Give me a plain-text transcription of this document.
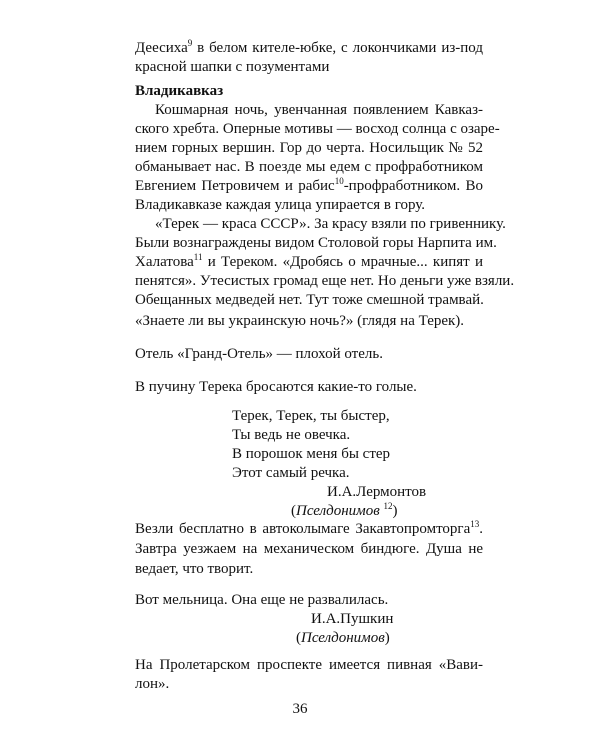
Деесиха$^9$ в белом кителе-юбке, с локончиками из-под
красной шапки с позументами
Владикавказ
Кошмарная ночь, увенчанная появлением Кавказ-
ского хребта. Оперные мотивы — восход солнца с озаре-
нием горных вершин. Гор до черта. Носильщик № 52
обманывает нас. В поезде мы едем с профработником
Евгением Петровичем и рабис$^{10}$-профработником. Во
Владикавказе каждая улица упирается в гору.
«Терек — краса СССР». За красу взяли по гривеннику.
Были вознаграждены видом Столовой горы Нарпита им.
Халатова$^{11}$ и Тереком. «Дробясь о мрачные... кипят и
пенятся». Утесистых громад еще нет. Но деньги уже взяли.
Обещанных медведей нет. Тут тоже смешной трамвай.
«Знаете ли вы украинскую ночь?» (глядя на Терек).
Отель «Гранд-Отель» — плохой отель.
В пучину Терека бросаются какие-то голые.
Терек, Терек, ты быстер,
Ты ведь не овечка.
В порошок меня бы стер
Этот самый речка.
И.А.Лермонтов
(Пселдонимов $^{12}$)
Везли бесплатно в автоколымаге Закавтопромторга$^{13}$.
Завтра уезжаем на механическом биндюге. Душа не
ведает, что творит.
36
Вот мельница. Она еще не развалилась.
И.А.Пушкин
(Пселдонимов)
На Пролетарском проспекте имеется пивная «Вави-
лон».
